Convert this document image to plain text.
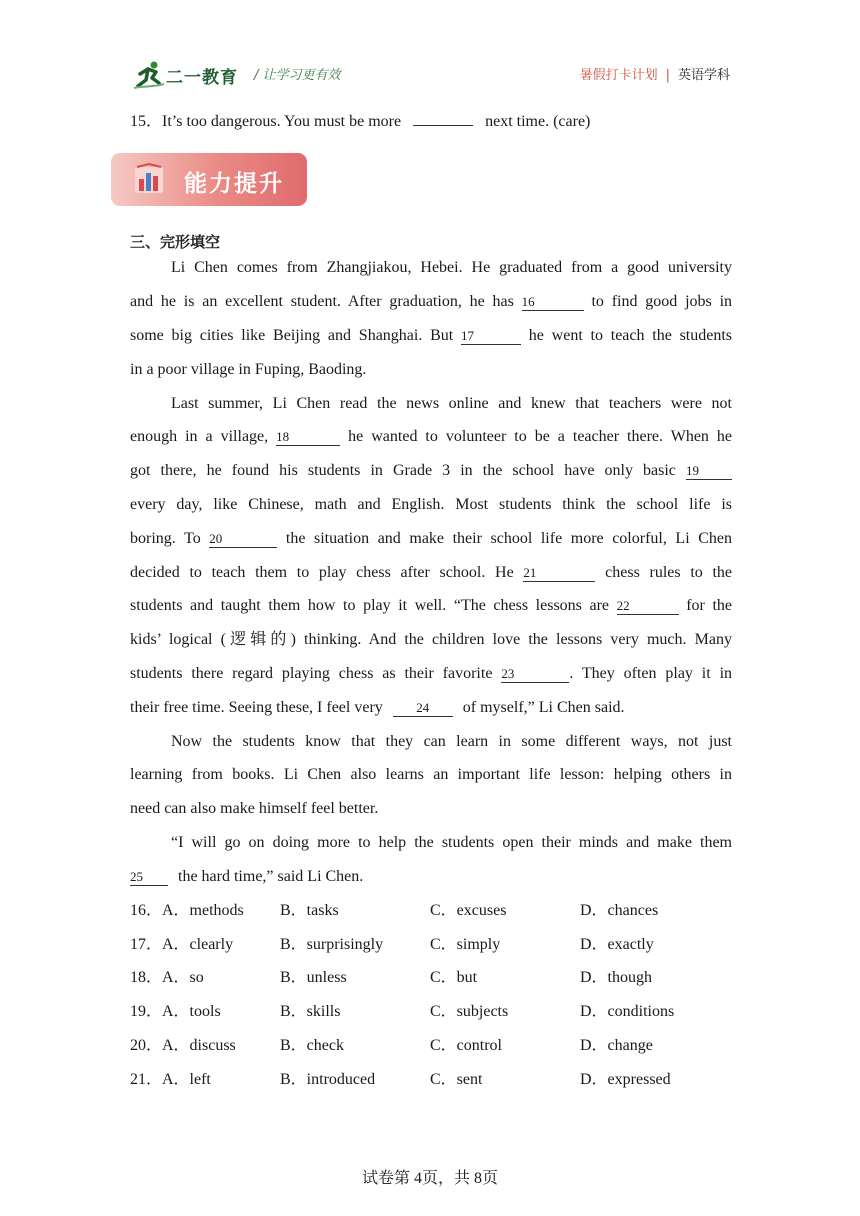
二一教育 / 让学习更有效	暑假打卡计划 | 英语学科
15．It’s too dangerous. You must be more	next time. (care)
能力提升
三、完形填空
Li Chen comes from Zhangjiakou, Hebei. He graduated from a good university
and he is an excellent student. After graduation, he has 16	to find good jobs in
some big cities like Beijing and Shanghai. But 17	he went to teach the students
in a poor village in Fuping, Baoding.
Last summer, Li Chen read the news online and knew that teachers were not
enough in a village, 18	he wanted to volunteer to be a teacher there. When he
got there, he found his students in Grade 3 in the school have only basic 19
every day, like Chinese, math and English. Most students think the school life is
boring. To 20	the situation and make their school life more colorful, Li Chen
decided to teach them to play chess after school. He 21	chess rules to the
students and taught them how to play it well. “The chess lessons are 22	for the
kids’ logical (逻辑的) thinking. And the children love the lessons very much. Many
students there regard playing chess as their favorite 23	. They often play it in
their free time. Seeing these, I feel very	24 of myself,” Li Chen said.
Now the students know that they can learn in some different ways, not just
learning from books. Li Chen also learns an important life lesson: helping others in
need can also make himself feel better.
“I will go on doing more to help the students open their minds and make them
25 the hard time,” said Li Chen.
16．A．methods B．tasks	C．excuses	D．chances
17．A．clearly	B．surprisingly	C．simply	D．exactly
18．A．so	B．unless	C．but	D．though
19．A．tools	B．skills	C．subjects	D．conditions
20．A．discuss	B．check	C．control	D．change
21．A．left	B．introduced	C．sent	D．expressed
试卷第 4页，共 8页
